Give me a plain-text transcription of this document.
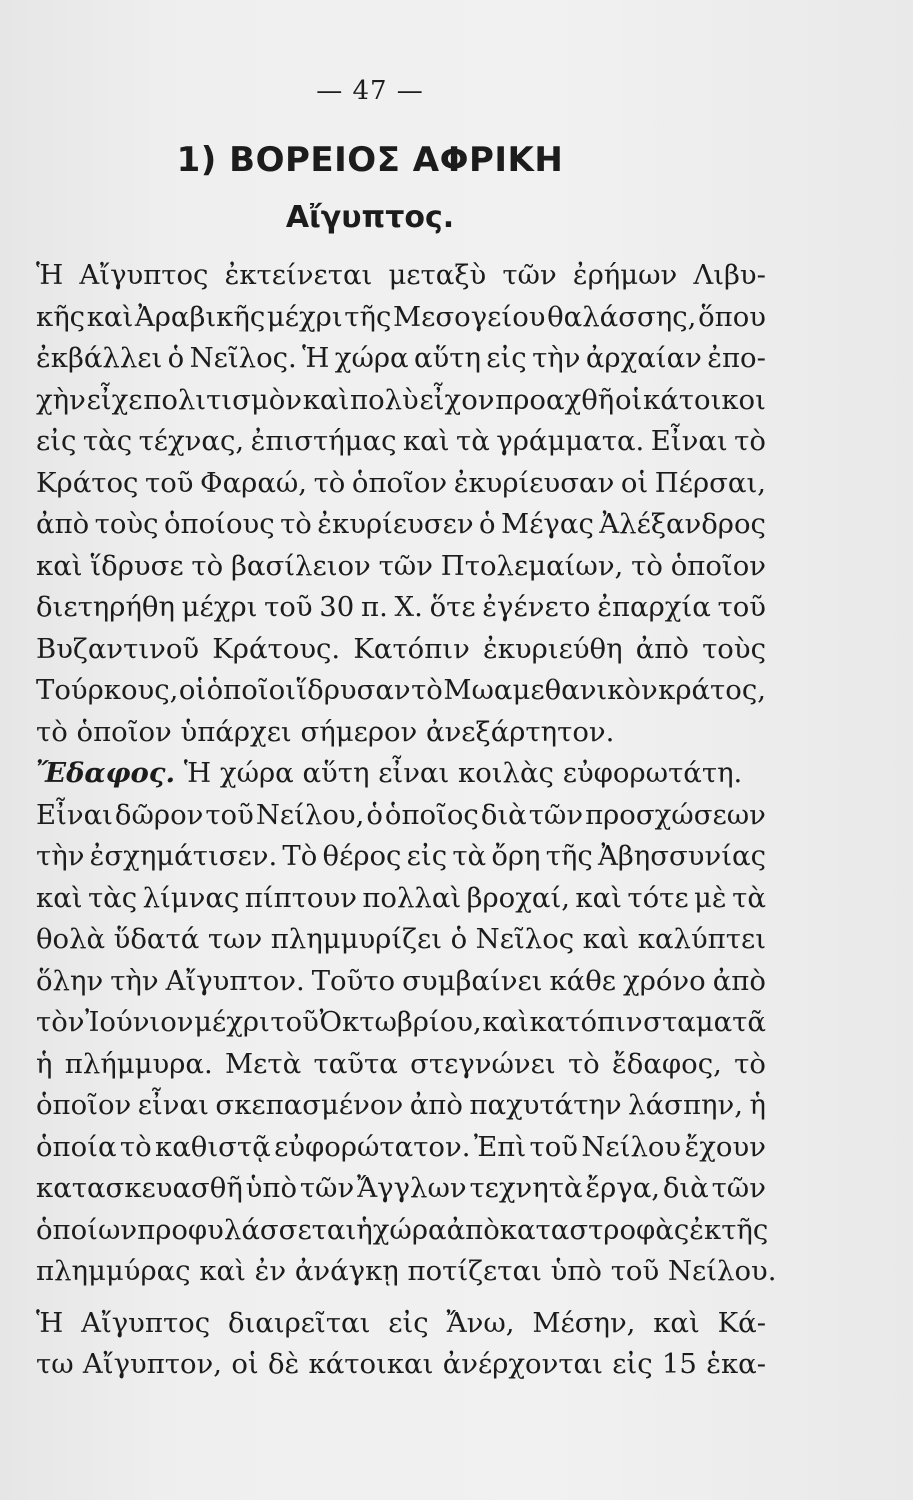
— 47 —
1) ΒΟΡΕΙΟΣ ΑΦΡΙΚΗ
Αἴγυπτος.
Ἡ Αἴγυπτος ἐκτείνεται μεταξὺ τῶν ἐρήμων Λιβυ-
κῆς καὶ Ἀραβικῆς μέχρι τῆς Μεσογείου θαλάσσης, ὅπου
ἐκβάλλει ὁ Νεῖλος. Ἡ χώρα αὕτη εἰς τὴν ἀρχαίαν ἐπο-
χὴν εἶχε πολιτισμὸν καὶ πολὺ εἶχον προαχθῆ οἱ κάτοικοι
εἰς τὰς τέχνας, ἐπιστήμας καὶ τὰ γράμματα. Εἶναι τὸ
Κράτος τοῦ Φαραώ, τὸ ὁποῖον ἐκυρίευσαν οἱ Πέρσαι,
ἀπὸ τοὺς ὁποίους τὸ ἐκυρίευσεν ὁ Μέγας Ἀλέξανδρος
καὶ ἵδρυσε τὸ βασίλειον τῶν Πτολεμαίων, τὸ ὁποῖον
διετηρήθη μέχρι τοῦ 30 π. Χ. ὅτε ἐγένετο ἐπαρχία τοῦ
Βυζαντινοῦ Κράτους. Κατόπιν ἐκυριεύθη ἀπὸ τοὺς
Τούρκους, οἱ ὁποῖοι ἵδρυσαν τὸ Μωαμεθανικὸν κράτος,
τὸ ὁποῖον ὑπάρχει σήμερον ἀνεξάρτητον.
Ἔδαφος. Ἡ χώρα αὕτη εἶναι κοιλὰς εὐφορωτάτη.
Εἶναι δῶρον τοῦ Νείλου, ὁ ὁποῖος διὰ τῶν προσχώσεων
τὴν ἐσχημάτισεν. Τὸ θέρος εἰς τὰ ὄρη τῆς Ἀβησσυνίας
καὶ τὰς λίμνας πίπτουν πολλαὶ βροχαί, καὶ τότε μὲ τὰ
θολὰ ὕδατά των πλημμυρίζει ὁ Νεῖλος καὶ καλύπτει
ὅλην τὴν Αἴγυπτον. Τοῦτο συμβαίνει κάθε χρόνο ἀπὸ
τὸν Ἰούνιον μέχρι τοῦ Ὀκτωβρίου, καὶ κατόπιν σταματᾶ
ἡ πλήμμυρα. Μετὰ ταῦτα στεγνώνει τὸ ἔδαφος, τὸ
ὁποῖον εἶναι σκεπασμένον ἀπὸ παχυτάτην λάσπην, ἡ
ὁποία τὸ καθιστᾷ εὐφορώτατον. Ἐπὶ τοῦ Νείλου ἔχουν
κατασκευασθῆ ὑπὸ τῶν Ἄγγλων τεχνητὰ ἔργα, διὰ τῶν
ὁποίων προφυλάσσεται ἡ χώρα ἀπὸ καταστροφὰς ἐκ τῆς
πλημμύρας καὶ ἐν ἀνάγκῃ ποτίζεται ὑπὸ τοῦ Νείλου.
Ἡ Αἴγυπτος διαιρεῖται εἰς Ἄνω, Μέσην, καὶ Κά-
τω Αἴγυπτον, οἱ δὲ κάτοικαι ἀνέρχονται εἰς 15 ἑκα-
